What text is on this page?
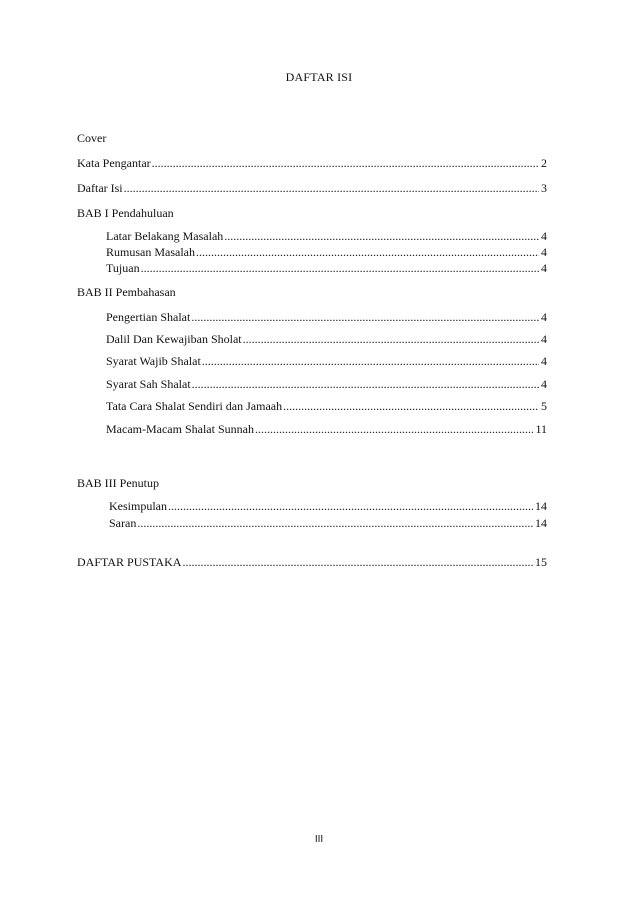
DAFTAR ISI
Cover
Kata Pengantar .....	2
Daftar Isi .....	3
BAB I Pendahuluan
Latar Belakang Masalah .....	4
Rumusan Masalah .....	4
Tujuan .....	4
BAB II Pembahasan
Pengertian Shalat .....	4
Dalil Dan Kewajiban Sholat .....	4
Syarat Wajib Shalat .....	4
Syarat Sah Shalat .....	4
Tata Cara Shalat Sendiri dan Jamaah .....	5
Macam-Macam Shalat Sunnah .....	11
BAB III Penutup
Kesimpulan .....	14
Saran .....	14
DAFTAR PUSTAKA .....	15
III
